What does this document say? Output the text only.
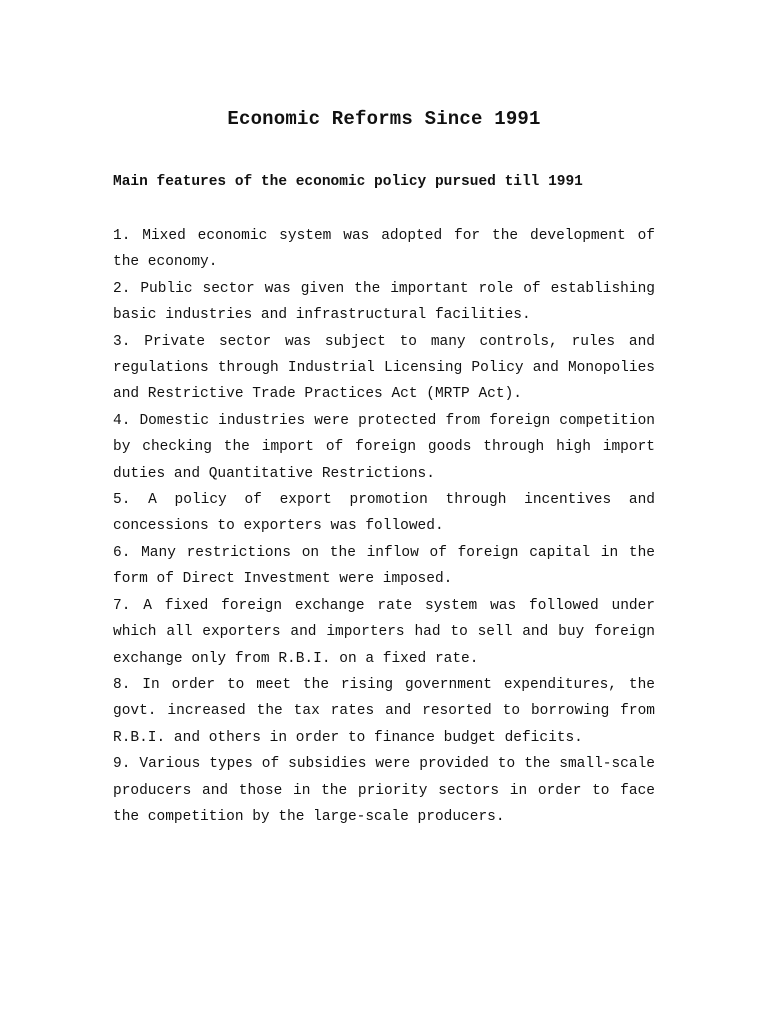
Economic Reforms Since 1991
Main features of the economic policy pursued till 1991
1. Mixed economic system was adopted for the development of the economy.
2. Public sector was given the important role of establishing basic industries and infrastructural facilities.
3. Private sector was subject to many controls, rules and regulations through Industrial Licensing Policy and Monopolies and Restrictive Trade Practices Act (MRTP Act).
4. Domestic industries were protected from foreign competition by checking the import of foreign goods through high import duties and Quantitative Restrictions.
5. A policy of export promotion through incentives and concessions to exporters was followed.
6. Many restrictions on the inflow of foreign capital in the form of Direct Investment were imposed.
7. A fixed foreign exchange rate system was followed under which all exporters and importers had to sell and buy foreign exchange only from R.B.I. on a fixed rate.
8. In order to meet the rising government expenditures, the govt. increased the tax rates and resorted to borrowing from R.B.I. and others in order to finance budget deficits.
9. Various types of subsidies were provided to the small-scale producers and those in the priority sectors in order to face the competition by the large-scale producers.
